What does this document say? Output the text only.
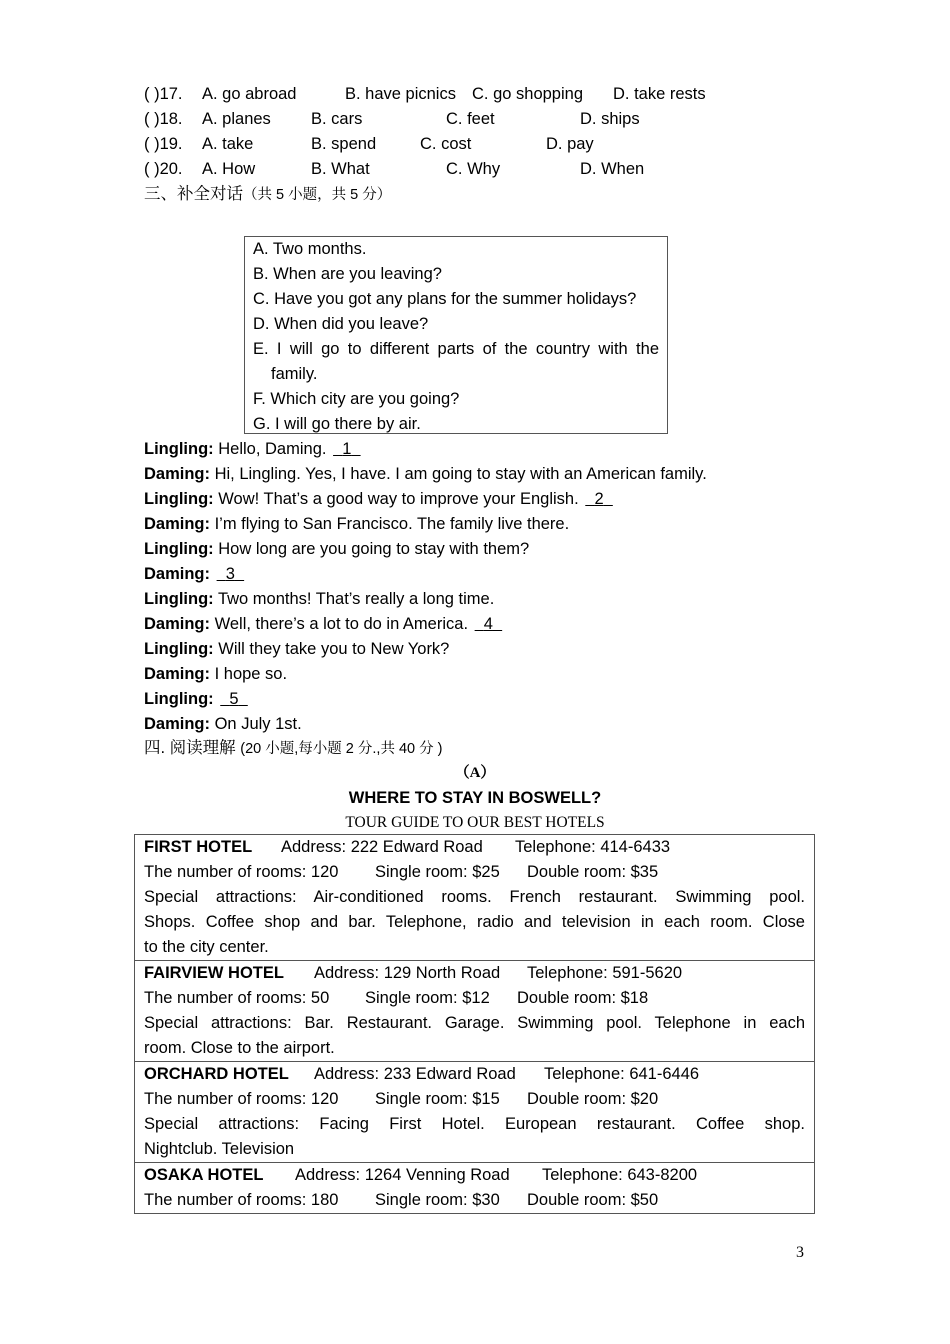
( )17. A. go abroad	B. have picnics C. go shopping D. take rests
( )18. A. planes B. cars	C. feet	D. ships
( )19. A. take	B. spend	C. cost	D. pay
( )20. A. How	B. What	C. Why	D. When
三、补全对话（共 5 小题，共 5 分）
A. Two months.
B. When are you leaving?
C. Have you got any plans for the summer holidays?
D. When did you leave?
E. I will go to different parts of the country with the
family.
F. Which city are you going?
G. I will go there by air.
Lingling: Hello, Daming. 1
Daming: Hi, Lingling. Yes, I have. I am going to stay with an American family.
Lingling: Wow! That’s a good way to improve your English. 2
Daming: I’m flying to San Francisco. The family live there.
Lingling: How long are you going to stay with them?
Daming: 3
Lingling: Two months! That’s really a long time.
Daming: Well, there’s a lot to do in America. 4
Lingling: Will they take you to New York?
Daming: I hope so.
Lingling: 5
Daming: On July 1st.
四. 阅读理解 (20 小题,每小题 2 分.,共 40 分 )
（A）
WHERE TO STAY IN BOSWELL?
TOUR GUIDE TO OUR BEST HOTELS
FIRST HOTEL Address: 222 Edward Road Telephone: 414-6433
The number of rooms: 120 Single room: $25 Double room: $35
Special attractions: Air-conditioned rooms. French restaurant. Swimming pool.
Shops. Coffee shop and bar. Telephone, radio and television in each room. Close
to the city center.
FAIRVIEW HOTEL Address: 129 North Road Telephone: 591-5620
The number of rooms: 50 Single room: $12 Double room: $18
Special attractions: Bar. Restaurant. Garage. Swimming pool. Telephone in each
room. Close to the airport.
ORCHARD HOTEL Address: 233 Edward Road Telephone: 641-6446
The number of rooms: 120 Single room: $15 Double room: $20
Special attractions: Facing First Hotel. European restaurant. Coffee shop.
Nightclub. Television
OSAKA HOTEL Address: 1264 Venning Road Telephone: 643-8200
The number of rooms: 180 Single room: $30 Double room: $50
3
